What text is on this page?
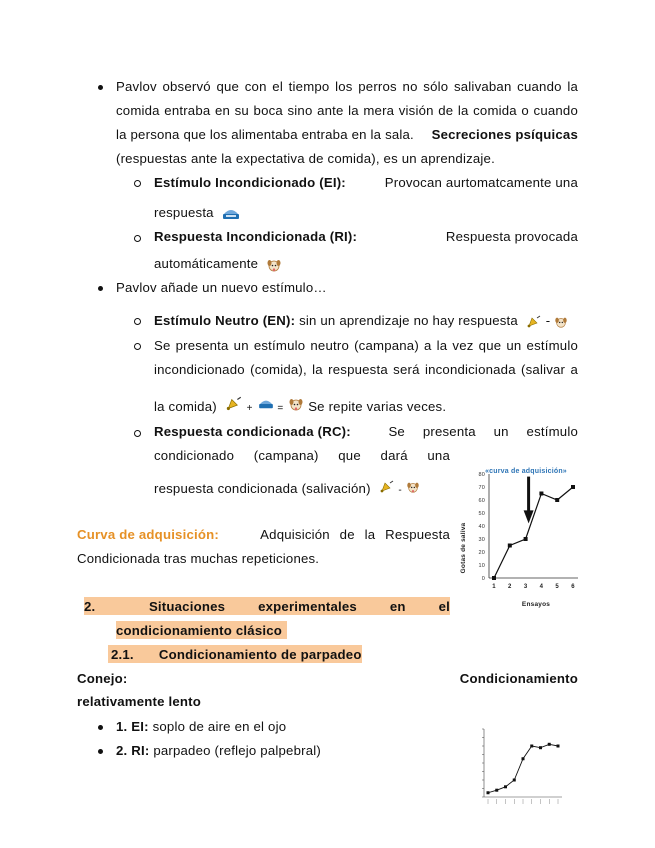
Pavlov observó que con el tiempo los perros no sólo salivaban cuando la
comida entraba en su boca sino ante la mera visión de la comida o cuando
la persona que los alimentaba entraba en la sala. Secreciones psíquicas
(respuestas ante la expectativa de comida), es un aprendizaje.
Estímulo Incondicionado (EI):	Provocan aurtomatcamente una
respuesta
Respuesta Incondicionada (RI):	Respuesta provocada
automáticamente
Pavlov añade un nuevo estímulo…
Estímulo Neutro (EN): sin un aprendizaje no hay respuesta -
Se presenta un estímulo neutro (campana) a la vez que un estímulo
incondicionado (comida), la respuesta será incondicionada (salivar a
la comida)	+ = Se repite varias veces.
Respuesta condicionada (RC):	Se presenta un estímulo
condicionado (campana) que dará una
respuesta condicionada (salivación)	-
Curva de adquisición:	Adquisición de la Respuesta
Condicionada tras muchas repeticiones.
«curva de adquisición»
Gotas de saliva
Ensayos
0
10
20
30
40
50
60
70
80
1 2 3 4 5 6
2.	Situaciones experimentales en el
condicionamiento clásico
2.1. Condicionamiento de parpadeo
Conejo:	Condicionamiento
relativamente lento
1. EI: soplo de aire en el ojo
2. RI: parpadeo (reflejo palpebral)
